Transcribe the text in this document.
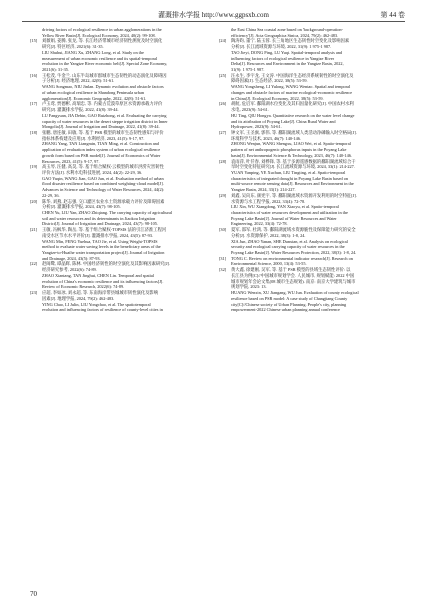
灌溉排水学报 http://www.ggpsxb.com	第 44 卷
driving factors of ecological resilience in urban agglomerations in the
Yellow River Basin[J]. Ecological Economy, 2024, 40(2): 99-108.
[15]	刘薇娟, 姜腾, 张龙, 等. 长江经济带城市经济韧性测度及时空演化
研究[J]. 特区经济, 2021(6): 31-35.
LIU Shuhui, JIANG Xu, ZHANG Long, et al. Study on the
measurement of urban economic resilience and its spatial-temporal
evolution in the Yangtze River economic belt[J]. Special Zone Economy,
2021(6): 31-35.
[16]	王松茂, 牛金兰. 山东半岛城市群城市生态韧性的动态演化及障碍因
子分析[J]. 经济地理, 2022, 42(8): 51-61.
WANG Songmao, NIU Jinlan. Dynamic evolution and obstacle factors
of urban ecological resilience in Shandong Peninsula urban
agglomeration[J]. Economic Geography, 2022, 42(8): 51-61.
[17]	卢玉莺, 贾德彬, 高瑞忠, 等. 内蒙古荒漠草原区水资源承载力评价
研究[J]. 灌溉排水学报, 2022, 41(8): 39-44.
LU Fangyuan, JIA Debin, GAO Ruizhong, et al. Evaluating the carrying
capacity of water resources in the desert steppe irrigation district in Inner
Mongolia[J]. Journal of Irrigation and Drainage, 2022, 41(8): 39-44.
[18]	张鹏, 唐连敏, 田敏, 等. 基于 PSR 模型的城市生态韧性感知与评价
指标体系构建及应用[J]. 水利经济, 2023, 41(5): 9-17, 97.
ZHANG Yang, TAN Liangmin, TIAN Ming, et al. Construction and
application of evaluation index system of urban ecological resilience
growth form based on PSR model[J]. Journal of Economics of Water
Resources, 2023, 41(5): 9-17, 97.
[19]	高玉琴, 汪健, 高昊, 等. 基于组合赋权-云模型的城市洪涝灾害韧性
评价方法[J]. 水利水电科技进展, 2024, 44(2): 22-29, 36.
GAO Yuqin, WANG Jian, GAO Jun, et al. Evaluation method of urban
flood disaster resilience based on combined weighting-cloud model[J].
Advances in Science and Technology of Water Resources, 2024, 44(2):
22-29, 36.
[20]	陈华, 刘燕, 赵志强. 交口灌区农业水土资源承载力评价及障碍因素
分析[J]. 灌溉排水学报, 2024, 43(7): 98-105.
CHEN Yu, LIU Yan, ZHAO Zhiqiang. The carrying capacity of agricultural
soil and water resources and its determinants in Jiaokou Irrigation
District[J]. Journal of Irrigation and Drainage, 2024, 43(7): 98-105.
[21]	王敏, 冯枫华, 陶岳, 等. 基于组合赋权-TOPSIS 法的引江济淮工程河
南受水区节水水平评价[J]. 灌溉排水学报, 2024, 43(5): 87-93.
WANG Min, FENG Yuehua, TAO Jie, et al. Using Weight-TOPSIS
method to evaluate water saving levels in the beneficiary areas of the
Yangtze-to-Huaihe water transportation project[J]. Journal of Irrigation
and Drainage, 2024, 43(5): 87-93.
[22]	赵闽鹭, 谭晶辉, 陈林. 中国经济韧性的时空演化及其影响因素研究[J].
经济研究参考, 2022(6): 74-89.
ZHAO Xiantang, TAN Jinghui, CHEN Lin. Temporal and spatial
evolution of China's economic resilience and its influencing factors[J].
Review of Economic Research, 2022(6): 74-89.
[23]	应超, 李如冰, 刘永超, 等. 东南海岸带县城城市韧性演化及影响
因素[J]. 地理学报, 2024, 79(2): 462-483.
YING Chao, LI Julin, LIU Yongchao, et al. The spatiotemporal
evolution and influencing factors of resilience of county-level cities in
the East China Sea coastal zone based on 'background-operation-
efficiency'[J]. Acta Geographica Sinica, 2024, 79(2): 462-483.
[24]	陶涛昀, 董宁, 陆玉蓉. 长三角地区生态韧性时空变化及影响因素
分析[J]. 长江流域资源与环境, 2022, 31(9): 1 975-1 987.
TAO Jieyi, DONG Ping, LU Yuqi. Spatial-temporal analysis and
influencing factors of ecological resilience in Yangtze River
Delta[J]. Resources and Environment in the Yangtze Basin, 2022,
31(9): 1 975-1 987.
[25]	汪永生, 李宇龙, 王文涛. 中国海洋生态经济系统韧性的时空演化及
障碍因素[J]. 生态经济, 2022, 38(5): 53-59.
WANG Yongsheng, LI Yulong, WANG Wentao. Spatial and temporal
changes and obstacle factors of marine ecological-economic resilience
in China[J]. Ecological Economy, 2022, 38(5): 53-59.
[26]	胡航, 危启军. 鄱阳湖水位变化及其归因量化研究[J]. 中国农村水利
水电, 2023(9): 54-61.
HU Ting, QIU Hongya. Quantitative research on the water level change
and its attribution of Poyang Lake[J]. China Rural Water and
Hydropower, 2023(9): 54-61.
[27]	钟文军, 王圣旗, 郭伟, 等. 鄱阳湖流域人类活动净磷输入时空格局[J].
环境科学与技术, 2023, 46(7): 140-146.
ZHONG Wenjun, WANG Shengxu, LIAO Wei, et al. Spatio-temporal
pattern of net anthropogenic phosphorus inputs in the Poyang Lake
basin[J]. Environmental Science & Technology, 2023, 46(7): 140-146.
[28]	袁雨萍, 叶仟春, 刘桦锋, 等. 基于多源遥感数据的鄱阳湖流域综合干
旱时空变化特征研究[J]. 长江流域资源与环境, 2024, 33(1): 214-227.
YUAN Yanping, YE Xuchun, LIU Tingting, et al. Spatio-temporal
characteristics of integrated drought in Poyang Lake Basin based on
multi-source remote sensing data[J]. Resources and Environment in the
Yangtze Basin, 2024, 33(1): 214-227.
[29]	刘鑫, 吴向东, 颜宪宇, 等. 鄱阳湖流域水资源开发利用的时空特征[J].
水资源与水工程学报, 2022, 33(4): 72-78.
LIU Xin, WU Xiangdong, YAN Xiaoyu, et al. Spatio-temporal
characteristics of water resources development and utilization in the
Poyang Lake Basin[J]. Journal of Water Resources and Water
Engineering, 2022, 33(4): 72-78.
[30]	夏军, 邵军, 杜鸿, 等. 鄱阳湖流域水资源脆性及保障能力研究的安全
分析[J]. 水资源保护, 2022, 38(3): 1-8, 24.
XIA Jun, ZHAO Yanan, SHE Dunxian, et al. Analysis on ecological
security and ecological carrying capacity of water resources in the
Poyang Lake Basin[J]. Water Resources Protection, 2022, 38(3): 1-8, 24.
[31]	TONG C. Review on environmental indicator research[J]. Research on
Environmental Science, 2000, 13(4): 53-55.
[32]	黄大鑫, 徐建刚, 吴军, 等. 基于 PSR 模型的县域生态韧性评价: 以
长江县为例[C]//中国城市规划学会. 人民城市, 规划赋能: 2022 中国
城市规划年会论文集(08 城市生态规划). 南京: 南京大学建筑与城市
规划学院, 2023: 13.
HUANG Wenxin, XU Jiangang, WU Jun. Evaluation of county ecological
resilience based on PSR model: A case study of Changjiang County
city[C]//Chinese society of Urban Planning. People's city, planning
empowerment-2022 Chinese urban planning annual conference
70
